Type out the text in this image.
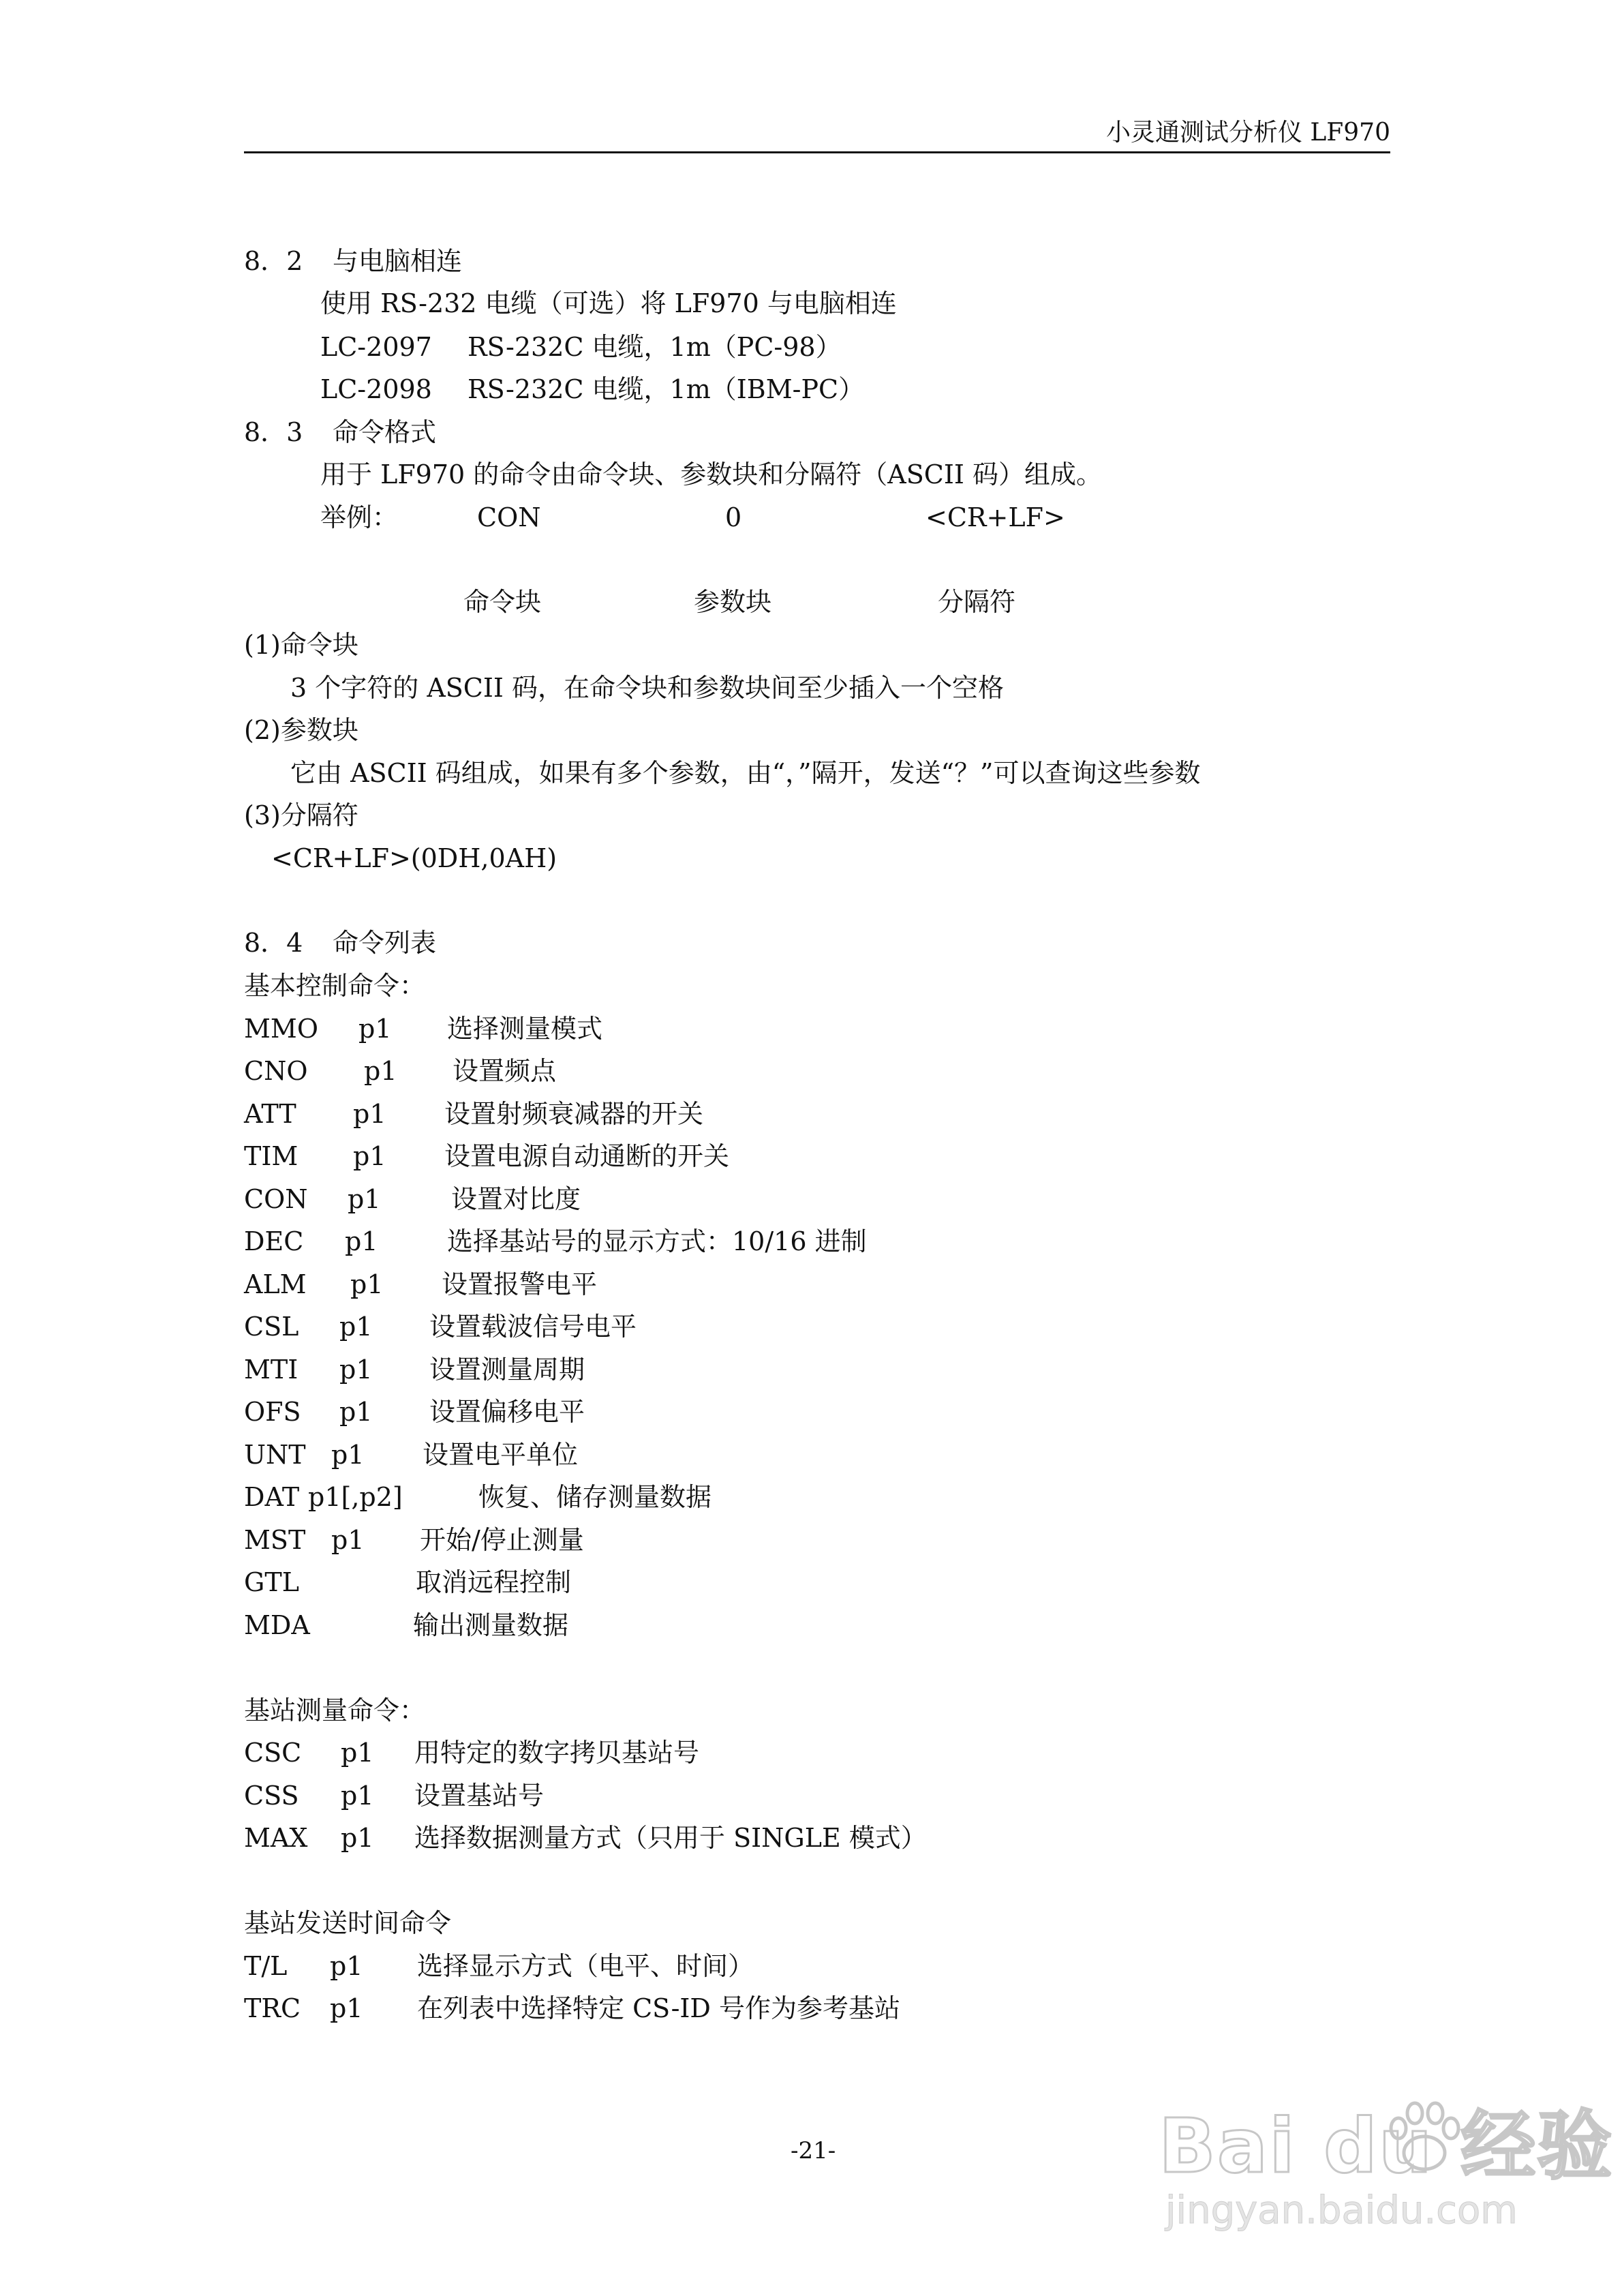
小灵通测试分析仪 LF970
8．2 与电脑相连
使用 RS-232 电缆（可选）将 LF970 与电脑相连
LC-2097 RS-232C 电缆，1m（PC-98）
LC-2098 RS-232C 电缆，1m（IBM-PC）
8．3 命令格式
用于 LF970 的命令由命令块、参数块和分隔符（ASCII 码）组成。
举例：	CON	0	<CR+LF>
命令块	参数块	分隔符
(1)命令块
3 个字符的 ASCII 码，在命令块和参数块间至少插入一个空格
(2)参数块
它由 ASCII 码组成，如果有多个参数，由“，”隔开，发送“？”可以查询这些参数
(3)分隔符
<CR+LF>(0DH,0AH)
8．4 命令列表
基本控制命令：
MMO p1 选择测量模式
CNO p1 设置频点
ATT p1 设置射频衰减器的开关
TIM p1 设置电源自动通断的开关
CON p1	设置对比度
DEC p1	选择基站号的显示方式：10/16 进制
ALM p1 设置报警电平
CSL p1 设置载波信号电平
MTI p1 设置测量周期
OFS p1 设置偏移电平
UNT p1 设置电平单位
DAT p1[,p2]	恢复、储存测量数据
MST p1 开始/停止测量
GTL	取消远程控制
MDA	输出测量数据
基站测量命令：
CSC p1 用特定的数字拷贝基站号
CSS p1 设置基站号
MAX p1 选择数据测量方式（只用于 SINGLE 模式）
基站发送时间命令
T/L p1 选择显示方式（电平、时间）
TRC p1 在列表中选择特定 CS-ID 号作为参考基站
-21-	Bai du 经验
jingyan.baidu.com
